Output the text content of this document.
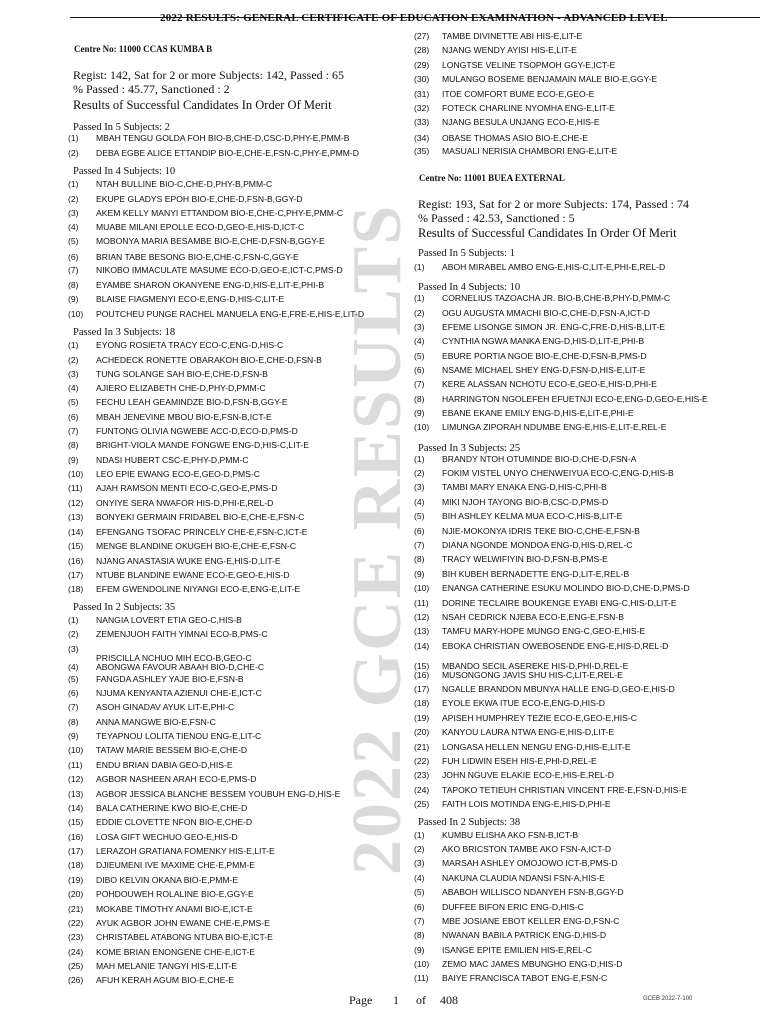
2022 RESULTS: GENERAL CERTIFICATE OF EDUCATION EXAMINATION - ADVANCED LEVEL
2022 GCE RESULTS
Centre No: 11000 CCAS KUMBA B
Regist: 142, Sat for 2 or more Subjects: 142, Passed : 65
% Passed : 45.77, Sanctioned : 2
Results of Successful Candidates In Order Of Merit
Passed In 5 Subjects: 2
(1) MBAH TENGU GOLDA FOH BIO-B,CHE-D,CSC-D,PHY-E,PMM-B
(2) DEBA EGBE ALICE ETTANDIP BIO-E,CHE-E,FSN-C,PHY-E,PMM-D
Passed In 4 Subjects: 10
(1) NTAH BULLINE BIO-C,CHE-D,PHY-B,PMM-C
(2) EKUPE GLADYS EPOH BIO-E,CHE-D,FSN-B,GGY-D
(3) AKEM KELLY MANYI ETTANDOM BIO-E,CHE-C,PHY-E,PMM-C
(4) MUABE MILANI EPOLLE ECO-D,GEO-E,HIS-D,ICT-C
(5) MOBONYA MARIA BESAMBE BIO-E,CHE-D,FSN-B,GGY-E
(6) BRIAN TABE BESONG BIO-E,CHE-C,FSN-C,GGY-E
(7) NIKOBO IMMACULATE MASUME ECO-D,GEO-E,ICT-C,PMS-D
(8) EYAMBE SHARON OKANYENE ENG-D,HIS-E,LIT-E,PHI-B
(9) BLAISE FIAGMENYI ECO-E,ENG-D,HIS-C,LIT-E
(10) POUTCHEU PUNGE RACHEL MANUELA ENG-E,FRE-E,HIS-E,LIT-D
Passed In 3 Subjects: 18
(1) EYONG ROSIETA TRACY ECO-C,ENG-D,HIS-C
(2) ACHEDECK RONETTE OBARAKOH BIO-E,CHE-D,FSN-B
(3) TUNG SOLANGE SAH BIO-E,CHE-D,FSN-B
(4) AJIERO ELIZABETH CHE-D,PHY-D,PMM-C
(5) FECHU LEAH GEAMINDZE BIO-D,FSN-B,GGY-E
(6) MBAH JENEVINE MBOU BIO-E,FSN-B,ICT-E
(7) FUNTONG OLIVIA NGWEBE ACC-D,ECO-D,PMS-D
(8) BRIGHT-VIOLA MANDE FONGWE ENG-D,HIS-C,LIT-E
(9) NDASI HUBERT CSC-E,PHY-D,PMM-C
(10) LEO EPIE EWANG ECO-E,GEO-D,PMS-C
(11) AJAH RAMSON MENTI ECO-C,GEO-E,PMS-D
(12) ONYIYE SERA NWAFOR HIS-D,PHI-E,REL-D
(13) BONYEKI GERMAIN FRIDABEL BIO-E,CHE-E,FSN-C
(14) EFENGANG TSOFAC PRINCELY CHE-E,FSN-C,ICT-E
(15) MENGE BLANDINE OKUGEH BIO-E,CHE-E,FSN-C
(16) NJANG ANASTASIA WUKE ENG-E,HIS-D,LIT-E
(17) NTUBE BLANDINE EWANE ECO-E,GEO-E,HIS-D
(18) EFEM GWENDOLINE NIYANGI ECO-E,ENG-E,LIT-E
Passed In 2 Subjects: 35
(1) NANGIA LOVERT ETIA GEO-C,HIS-B
(2) ZEMENJUOH FAITH YIMNAI ECO-B,PMS-C
(3)
PRISCILLA NCHUO MIH ECO-B,GEO-C
(4) ABONGWA FAVOUR ABAAH BIO-D,CHE-C
(5) FANGDA ASHLEY YAJE BIO-E,FSN-B
(6) NJUMA KENYANTA AZIENUI CHE-E,ICT-C
(7) ASOH GINADAV AYUK LIT-E,PHI-C
(8) ANNA MANGWE BIO-E,FSN-C
(9) TEYAPNOU LOLITA TIENOU ENG-E,LIT-C
(10) TATAW MARIE BESSEM BIO-E,CHE-D
(11) ENDU BRIAN DABIA GEO-D,HIS-E
(12) AGBOR NASHEEN ARAH ECO-E,PMS-D
(13) AGBOR JESSICA BLANCHE BESSEM YOUBUH ENG-D,HIS-E
(14) BALA CATHERINE KWO BIO-E,CHE-D
(15) EDDIE CLOVETTE NFON BIO-E,CHE-D
(16) LOSA GIFT WECHUO GEO-E,HIS-D
(17) LERAZOH GRATIANA FOMENKY HIS-E,LIT-E
(18) DJIEUMENI IVE MAXIME CHE-E,PMM-E
(19) DIBO KELVIN OKANA BIO-E,PMM-E
(20) POHDOUWEH ROLALINE BIO-E,GGY-E
(21) MOKABE TIMOTHY ANAMI BIO-E,ICT-E
(22) AYUK AGBOR JOHN EWANE CHE-E,PMS-E
(23) CHRISTABEL ATABONG NTUBA BIO-E,ICT-E
(24) KOME BRIAN ENONGENE CHE-E,ICT-E
(25) MAH MELANIE TANGYI HIS-E,LIT-E
(26) AFUH KERAH AGUM BIO-E,CHE-E
(27) TAMBE DIVINETTE ABI HIS-E,LIT-E
(28) NJANG WENDY AYISI HIS-E,LIT-E
(29) LONGTSE VELINE TSOPMOH GGY-E,ICT-E
(30) MULANGO BOSEME BENJAMAIN MALE BIO-E,GGY-E
(31) ITOE COMFORT BUME ECO-E,GEO-E
(32) FOTECK CHARLINE NYOMHA ENG-E,LIT-E
(33) NJANG BESULA UNJANG ECO-E,HIS-E
(34) OBASE THOMAS ASIO BIO-E,CHE-E
(35) MASUALI NERISIA CHAMBORI ENG-E,LIT-E
Centre No: 11001 BUEA EXTERNAL
Regist: 193, Sat for 2 or more Subjects: 174, Passed : 74
% Passed : 42.53, Sanctioned : 5
Results of Successful Candidates In Order Of Merit
Passed In 5 Subjects: 1
(1) ABOH MIRABEL AMBO ENG-E,HIS-C,LIT-E,PHI-E,REL-D
Passed In 4 Subjects: 10
(1) CORNELIUS TAZOACHA JR. BIO-B,CHE-B,PHY-D,PMM-C
(2) OGU AUGUSTA MMACHI BIO-C,CHE-D,FSN-A,ICT-D
(3) EFEME LISONGE SIMON JR. ENG-C,FRE-D,HIS-B,LIT-E
(4) CYNTHIA NGWA MANKA ENG-D,HIS-D,LIT-E,PHI-B
(5) EBURE PORTIA NGOE BIO-E,CHE-D,FSN-B,PMS-D
(6) NSAME MICHAEL SHEY ENG-D,FSN-D,HIS-E,LIT-E
(7) KERE ALASSAN NCHOTU ECO-E,GEO-E,HIS-D,PHI-E
(8) HARRINGTON NGOLEFEH EFUETNJI ECO-E,ENG-D,GEO-E,HIS-E
(9) EBANE EKANE EMILY ENG-D,HIS-E,LIT-E,PHI-E
(10) LIMUNGA ZIPORAH NDUMBE ENG-E,HIS-E,LIT-E,REL-E
Passed In 3 Subjects: 25
(1) BRANDY NTOH OTUMINDE BIO-D,CHE-D,FSN-A
(2) FOKIM VISTEL UNYO CHENWEIYUA ECO-C,ENG-D,HIS-B
(3) TAMBI MARY ENAKA ENG-D,HIS-C,PHI-B
(4) MIKI NJOH TAYONG BIO-B,CSC-D,PMS-D
(5) BIH ASHLEY KELMA MUA ECO-C,HIS-B,LIT-E
(6) NJIE-MOKONYA IDRIS TEKE BIO-C,CHE-E,FSN-B
(7) DIANA NGONDE MONDOA ENG-D,HIS-D,REL-C
(8) TRACY WELWIFIYIN BIO-D,FSN-B,PMS-E
(9) BIH KUBEH BERNADETTE ENG-D,LIT-E,REL-B
(10) ENANGA CATHERINE ESUKU MOLINDO BIO-D,CHE-D,PMS-D
(11) DORINE TECLAIRE BOUKENGE EYABI ENG-C,HIS-D,LIT-E
(12) NSAH CEDRICK NJEBA ECO-E,ENG-E,FSN-B
(13) TAMFU MARY-HOPE MUNGO ENG-C,GEO-E,HIS-E
(14) EBOKA CHRISTIAN OWEBOSENDE ENG-E,HIS-D,REL-D
(15) MBANDO SECIL ASEREKE HIS-D,PHI-D,REL-E
(16) MUSONGONG JAVIS SHU HIS-C,LIT-E,REL-E
(17) NGALLE BRANDON MBUNYA HALLE ENG-D,GEO-E,HIS-D
(18) EYOLE EKWA ITUE ECO-E,ENG-D,HIS-D
(19) APISEH HUMPHREY TEZIE ECO-E,GEO-E,HIS-C
(20) KANYOU LAURA NTWA ENG-E,HIS-D,LIT-E
(21) LONGASA HELLEN NENGU ENG-D,HIS-E,LIT-E
(22) FUH LIDWIN ESEH HIS-E,PHI-D,REL-E
(23) JOHN NGUVE ELAKIE ECO-E,HIS-E,REL-D
(24) TAPOKO TETIEUH CHRISTIAN VINCENT FRE-E,FSN-D,HIS-E
(25) FAITH LOIS MOTINDA ENG-E,HIS-D,PHI-E
Passed In 2 Subjects: 38
(1) KUMBU ELISHA AKO FSN-B,ICT-B
(2) AKO BRICSTON TAMBE AKO FSN-A,ICT-D
(3) MARSAH ASHLEY OMOJOWO ICT-B,PMS-D
(4) NAKUNA CLAUDIA NDANSI FSN-A,HIS-E
(5) ABABOH WILLISCO NDANYEH FSN-B,GGY-D
(6) DUFFEE BIFON ERIC ENG-D,HIS-C
(7) MBE JOSIANE EBOT KELLER ENG-D,FSN-C
(8) NWANAN BABILA PATRICK ENG-D,HIS-D
(9) ISANGE EPITE EMILIEN HIS-E,REL-C
(10) ZEMO MAC JAMES MBUNGHO ENG-D,HIS-D
(11) BAIYE FRANCISCA TABOT ENG-E,FSN-C
Page 1 of 408	GCEB 2022-7-100
